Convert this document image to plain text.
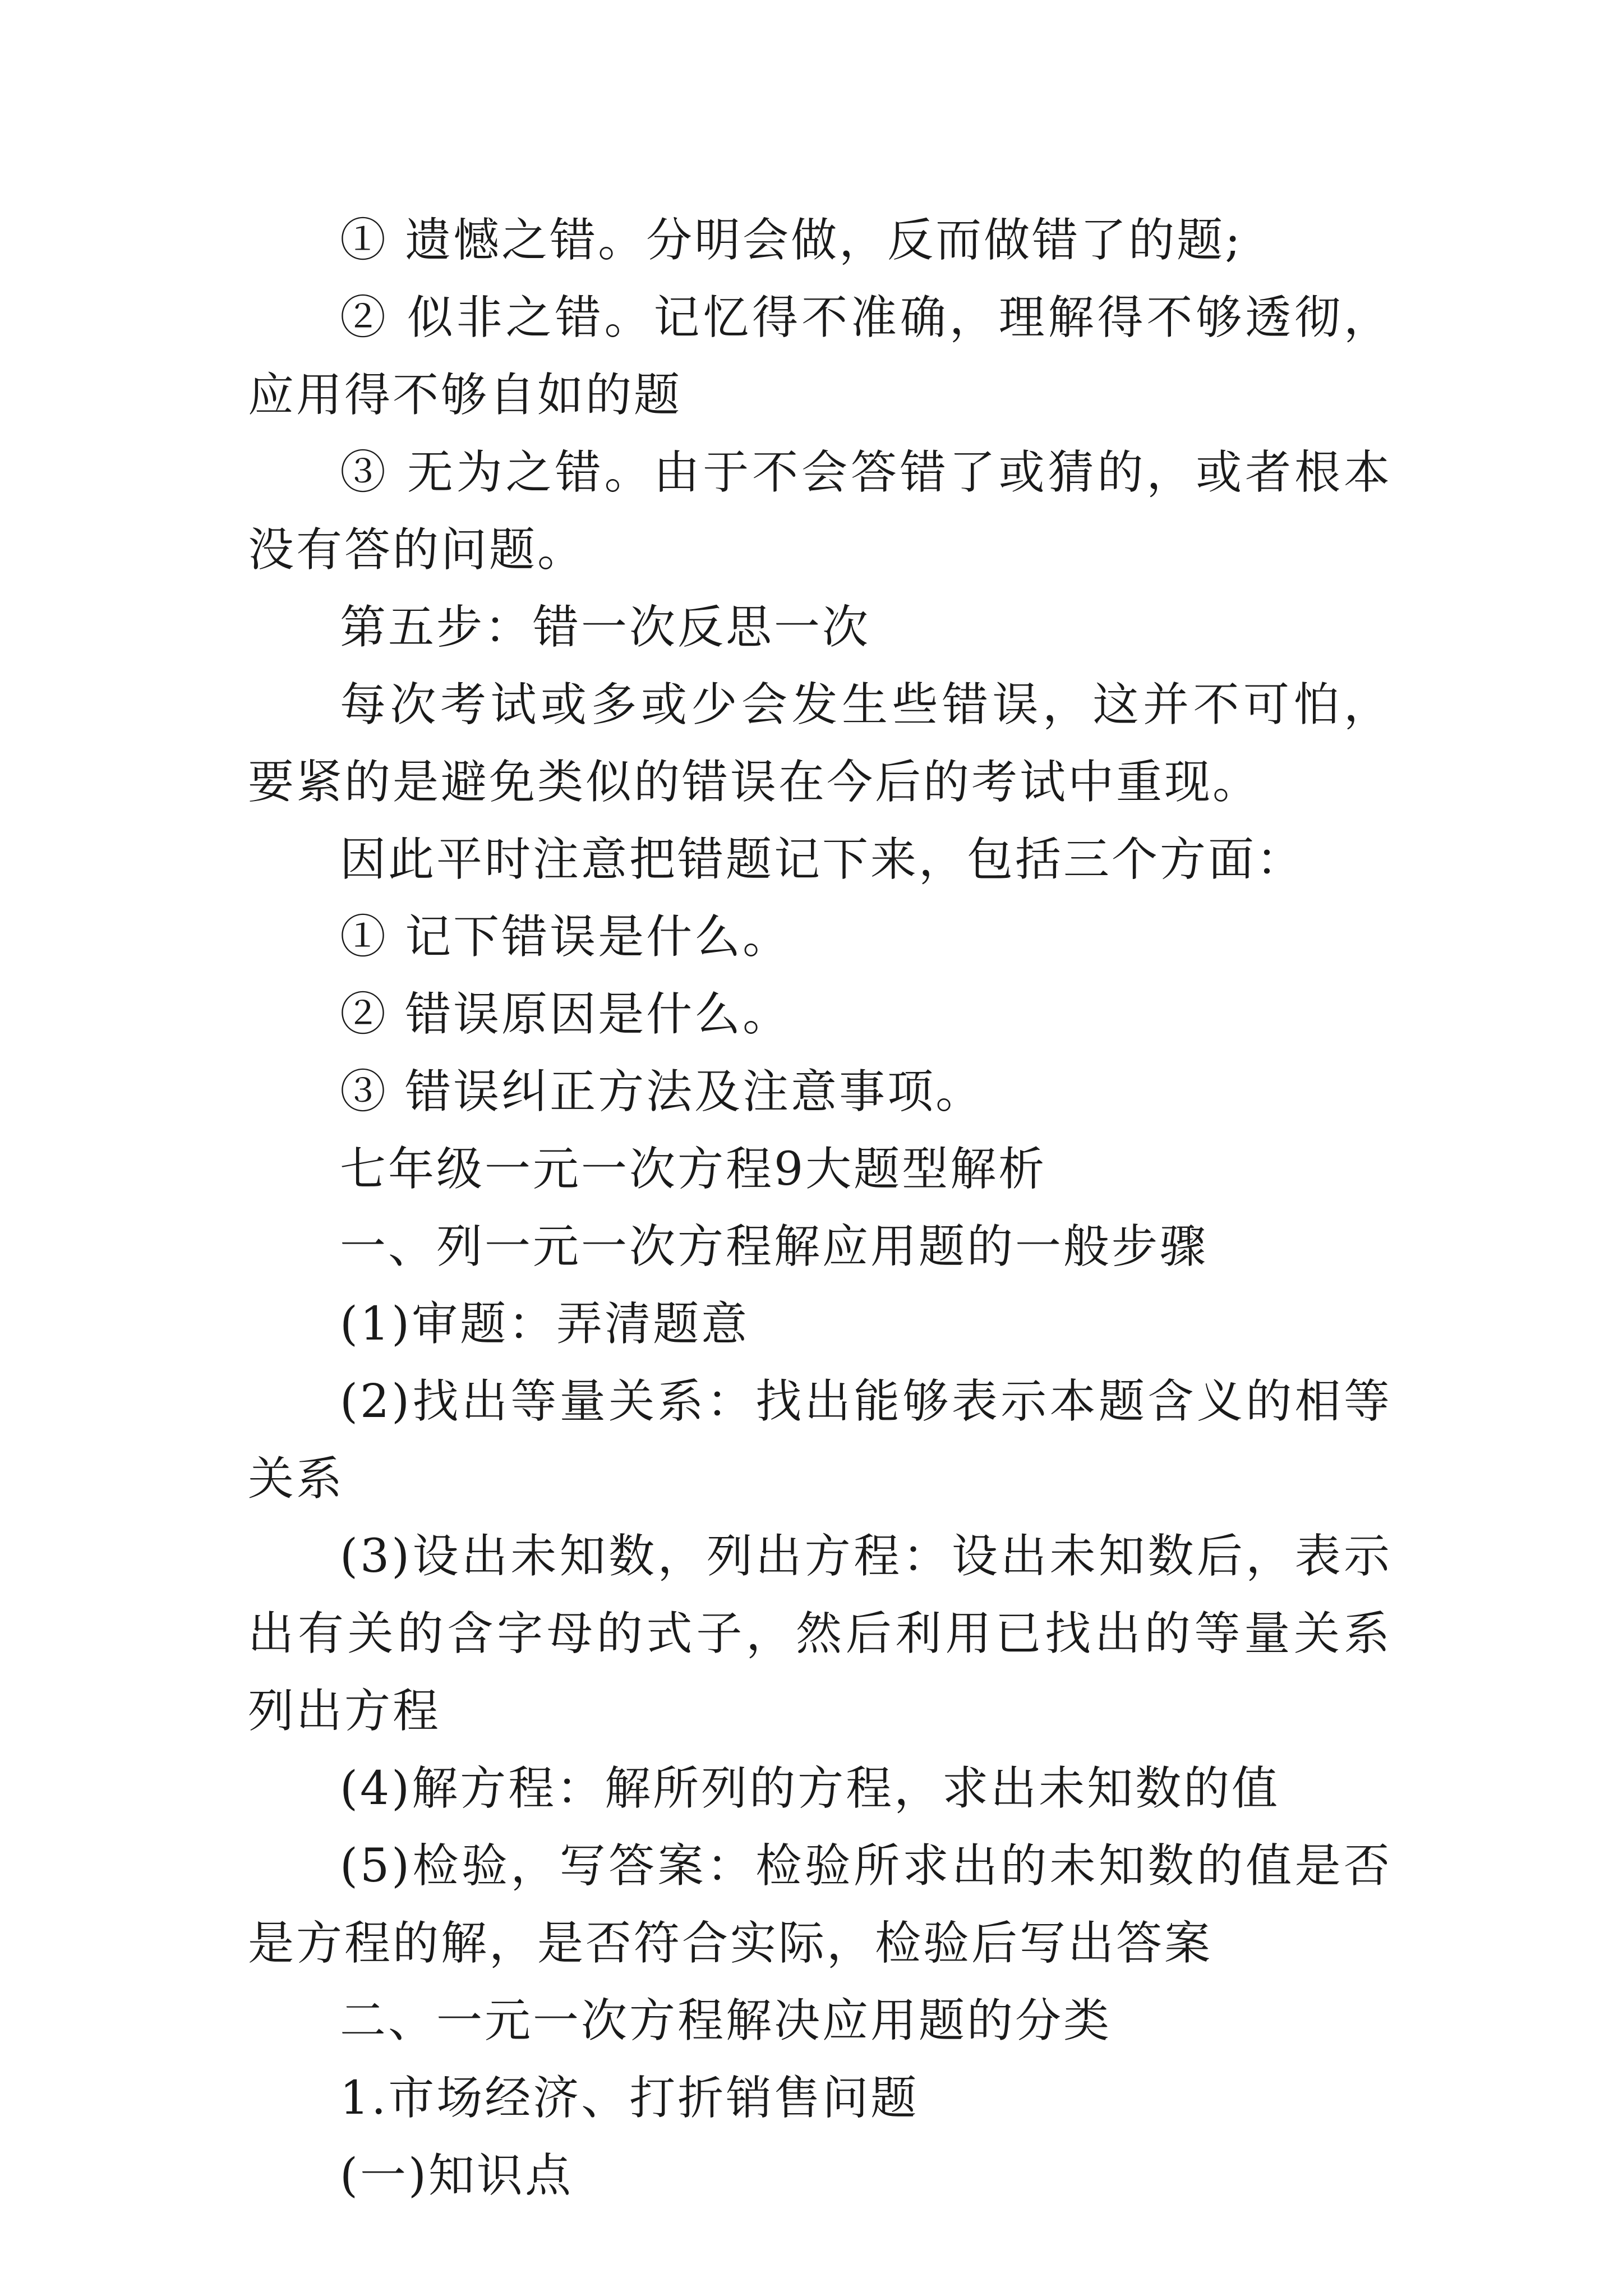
① 遗憾之错。分明会做，反而做错了的题;

② 似非之错。记忆得不准确，理解得不够透彻，应用得不够自如的题

③ 无为之错。由于不会答错了或猜的，或者根本没有答的问题。

第五步：错一次反思一次

每次考试或多或少会发生些错误，这并不可怕，要紧的是避免类似的错误在今后的考试中重现。

因此平时注意把错题记下来，包括三个方面：

① 记下错误是什么。

② 错误原因是什么。

③ 错误纠正方法及注意事项。

七年级一元一次方程9大题型解析

一、列一元一次方程解应用题的一般步骤

(1)审题：弄清题意

(2)找出等量关系：找出能够表示本题含义的相等关系

(3)设出未知数，列出方程：设出未知数后，表示出有关的含字母的式子，然后利用已找出的等量关系列出方程

(4)解方程：解所列的方程，求出未知数的值

(5)检验，写答案：检验所求出的未知数的值是否是方程的解，是否符合实际，检验后写出答案

二、一元一次方程解决应用题的分类

1.市场经济、打折销售问题

(一)知识点
